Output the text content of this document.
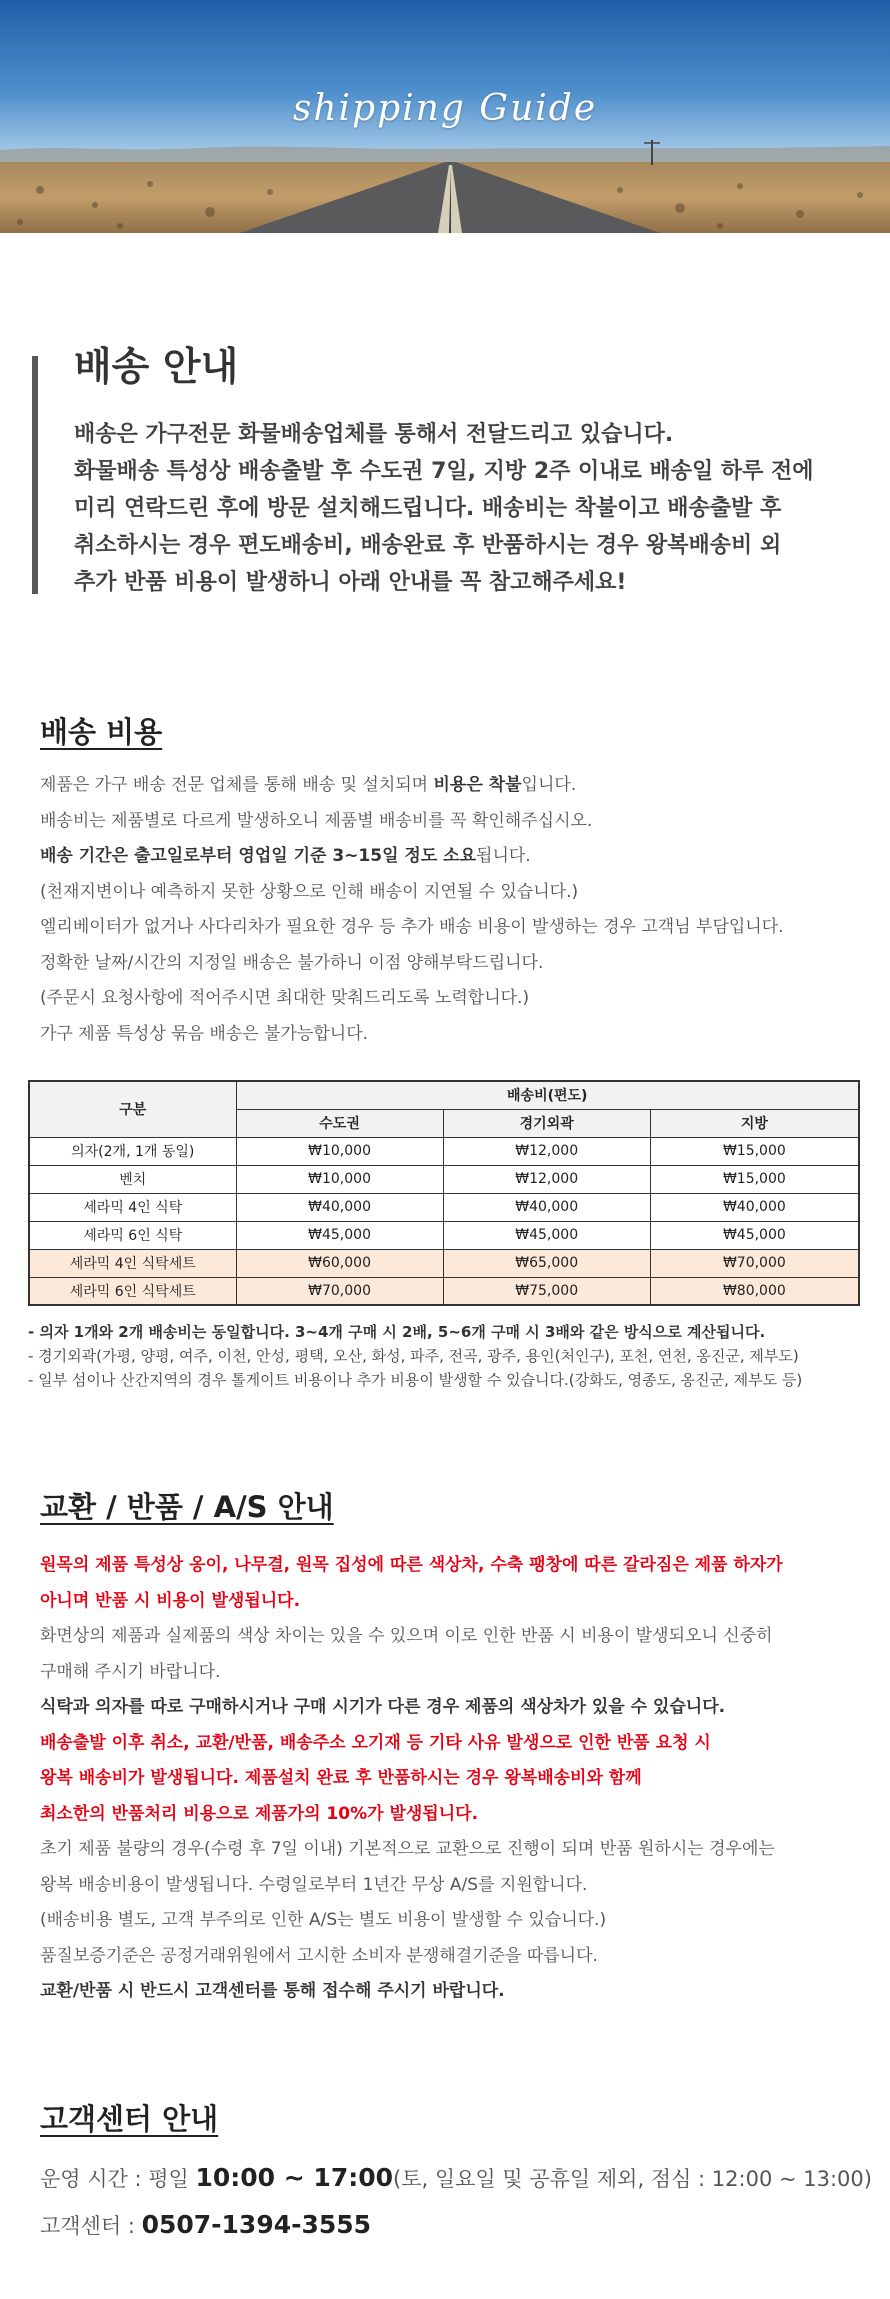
shipping Guide
배송 안내

배송은 가구전문 화물배송업체를 통해서 전달드리고 있습니다.

화물배송 특성상 배송출발 후 수도권 7일, 지방 2주 이내로 배송일 하루 전에

미리 연락드린 후에 방문 설치해드립니다. 배송비는 착불이고 배송출발 후

취소하시는 경우 편도배송비, 배송완료 후 반품하시는 경우 왕복배송비 외

추가 반품 비용이 발생하니 아래 안내를 꼭 참고해주세요!

배송 비용

제품은 가구 배송 전문 업체를 통해 배송 및 설치되며 비용은 착불입니다.

배송비는 제품별로 다르게 발생하오니 제품별 배송비를 꼭 확인해주십시오.

배송 기간은 출고일로부터 영업일 기준 3~15일 정도 소요됩니다.

(천재지변이나 예측하지 못한 상황으로 인해 배송이 지연될 수 있습니다.)

엘리베이터가 없거나 사다리차가 필요한 경우 등 추가 배송 비용이 발생하는 경우 고객님 부담입니다.

정확한 날짜/시간의 지정일 배송은 불가하니 이점 양해부탁드립니다.

(주문시 요청사항에 적어주시면 최대한 맞춰드리도록 노력합니다.)

가구 제품 특성상 묶음 배송은 불가능합니다.

구분	배송비(편도)		
	수도권	경기외곽	지방
의자(2개, 1개 동일)	₩10,000	₩12,000	₩15,000
벤치	₩10,000	₩12,000	₩15,000
세라믹 4인 식탁	₩40,000	₩40,000	₩40,000
세라믹 6인 식탁	₩45,000	₩45,000	₩45,000
세라믹 4인 식탁세트	₩60,000	₩65,000	₩70,000
세라믹 6인 식탁세트	₩70,000	₩75,000	₩80,000

- 의자 1개와 2개 배송비는 동일합니다. 3~4개 구매 시 2배, 5~6개 구매 시 3배와 같은 방식으로 계산됩니다.

- 경기외곽(가평, 양평, 여주, 이천, 안성, 평택, 오산, 화성, 파주, 전곡, 광주, 용인(처인구), 포천, 연천, 옹진군, 제부도)

- 일부 섬이나 산간지역의 경우 톨게이트 비용이나 추가 비용이 발생할 수 있습니다.(강화도, 영종도, 옹진군, 제부도 등)

교환 / 반품 / A/S 안내

원목의 제품 특성상 옹이, 나무결, 원목 집성에 따른 색상차, 수축 팽창에 따른 갈라짐은 제품 하자가

아니며 반품 시 비용이 발생됩니다.

화면상의 제품과 실제품의 색상 차이는 있을 수 있으며 이로 인한 반품 시 비용이 발생되오니 신중히

구매해 주시기 바랍니다.

식탁과 의자를 따로 구매하시거나 구매 시기가 다른 경우 제품의 색상차가 있을 수 있습니다.

배송출발 이후 취소, 교환/반품, 배송주소 오기재 등 기타 사유 발생으로 인한 반품 요청 시

왕복 배송비가 발생됩니다. 제품설치 완료 후 반품하시는 경우 왕복배송비와 함께

최소한의 반품처리 비용으로 제품가의 10%가 발생됩니다.

초기 제품 불량의 경우(수령 후 7일 이내) 기본적으로 교환으로 진행이 되며 반품 원하시는 경우에는

왕복 배송비용이 발생됩니다. 수령일로부터 1년간 무상 A/S를 지원합니다.

(배송비용 별도, 고객 부주의로 인한 A/S는 별도 비용이 발생할 수 있습니다.)

품질보증기준은 공정거래위원에서 고시한 소비자 분쟁해결기준을 따릅니다.

교환/반품 시 반드시 고객센터를 통해 접수해 주시기 바랍니다.

고객센터 안내

운영 시간 : 평일 10:00 ~ 17:00(토, 일요일 및 공휴일 제외, 점심 : 12:00 ~ 13:00)

고객센터 : 0507-1394-3555
